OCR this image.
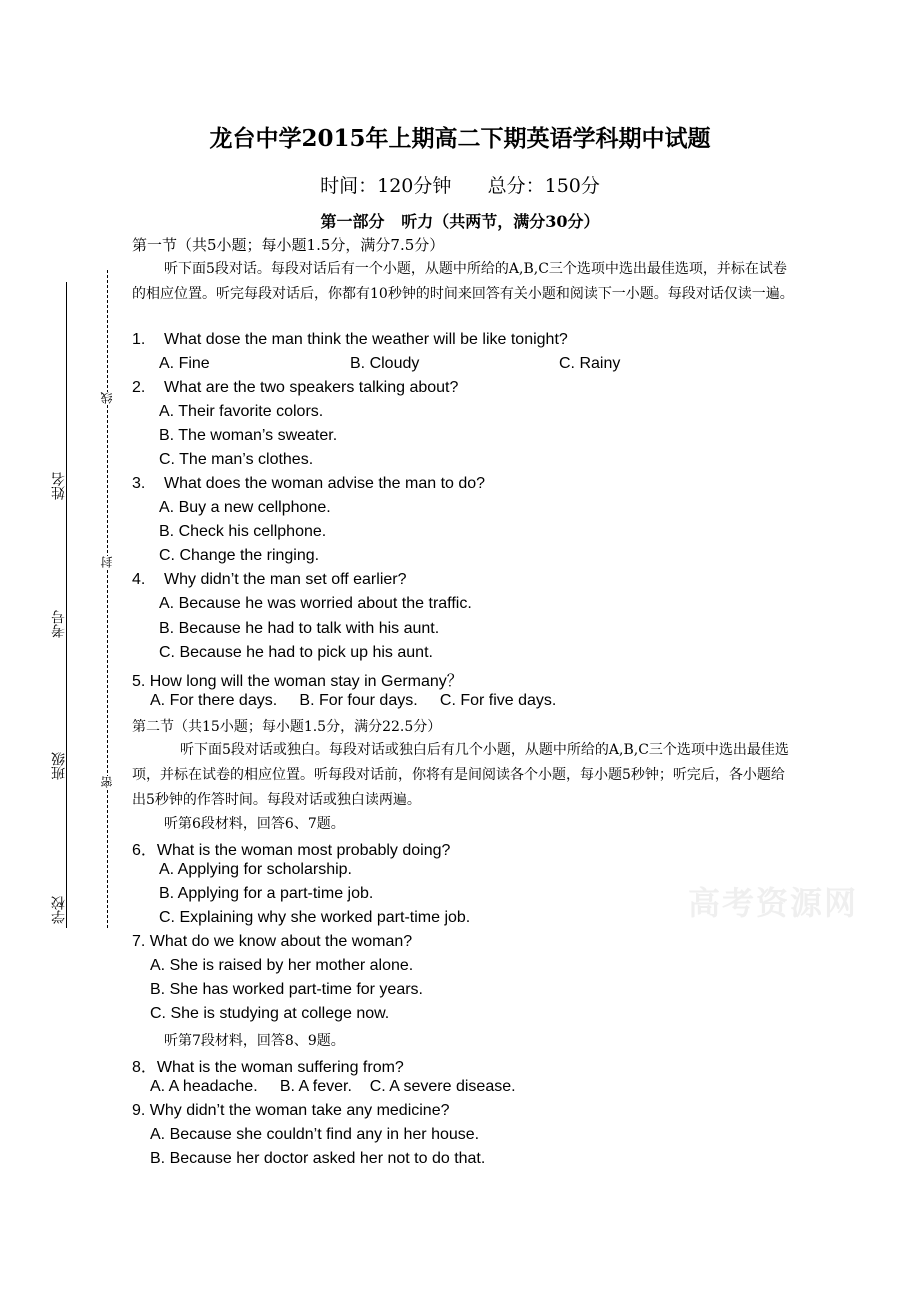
姓名
考号
班级
学校
线
封
密
龙台中学2015年上期高二下期英语学科期中试题
时间：120分钟      总分：150分
第一部分   听力（共两节，满分30分）
第一节（共5小题；每小题1.5分，满分7.5分）
听下面5段对话。每段对话后有一个小题，从题中所给的A,B,C三个选项中选出最佳选项，并标在试卷的相应位置。听完每段对话后，你都有10秒钟的时间来回答有关小题和阅读下一小题。每段对话仅读一遍。
1. What dose the man think the weather will be like tonight?
A. Fine	B. Cloudy	C. Rainy
2. What are the two speakers talking about?
A. Their favorite colors.
B. The woman’s sweater.
C. The man’s clothes.
3. What does the woman advise the man to do?
A. Buy a new cellphone.
B. Check his cellphone.
C. Change the ringing.
4. Why didn’t the man set off earlier?
A. Because he was worried about the traffic.
B. Because he had to talk with his aunt.
C. Because he had to pick up his aunt.
5. How long will the woman stay in Germany？
A. For there days.     B. For four days.     C. For five days.
第二节（共15小题；每小题1.5分，满分22.5分）
听下面5段对话或独白。每段对话或独白后有几个小题，从题中所给的A,B,C三个选项中选出最佳选项，并标在试卷的相应位置。听每段对话前，你将有是间阅读各个小题，每小题5秒钟；听完后，各小题给出5秒钟的作答时间。每段对话或独白读两遍。
听第6段材料，回答6、7题。
6．What is the woman most probably doing?
A. Applying for scholarship.
B. Applying for a part-time job.
C. Explaining why she worked part-time job.
7. What do we know about the woman?
A. She is raised by her mother alone.
B. She has worked part-time for years.
C. She is studying at college now.
听第7段材料，回答8、9题。
8．What is the woman suffering from?
A. A headache.     B. A fever.    C. A severe disease.
9. Why didn’t the woman take any medicine?
A. Because she couldn’t find any in her house.
B. Because her doctor asked her not to do that.
高考资源网
